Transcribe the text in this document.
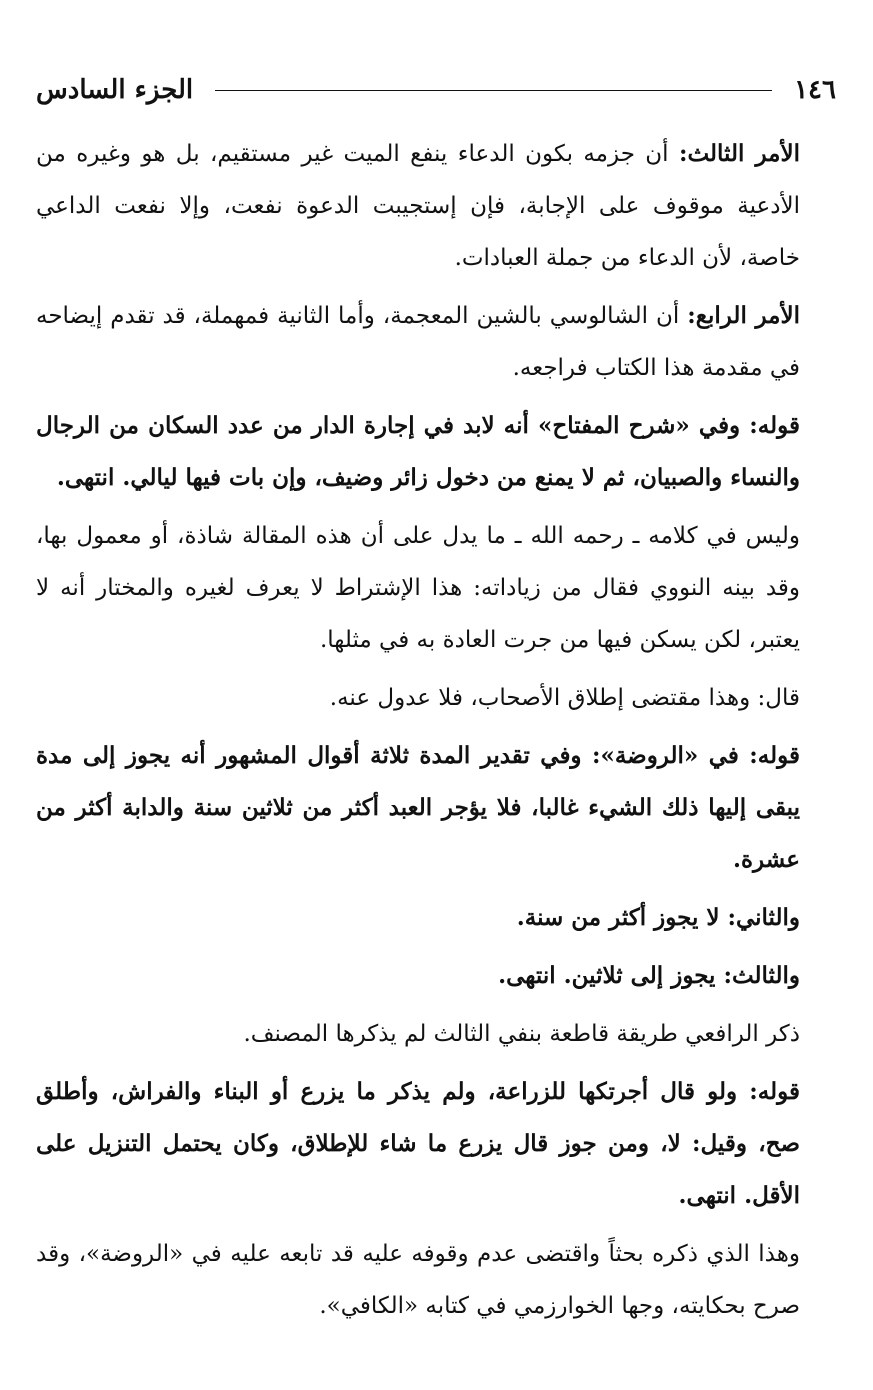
١٤٦
الجزء السادس

الأمر الثالث: أن جزمه بكون الدعاء ينفع الميت غير مستقيم، بل هو وغيره من الأدعية موقوف على الإجابة، فإن إستجيبت الدعوة نفعت، وإلا نفعت الداعي خاصة، لأن الدعاء من جملة العبادات.

الأمر الرابع: أن الشالوسي بالشين المعجمة، وأما الثانية فمهملة، قد تقدم إيضاحه في مقدمة هذا الكتاب فراجعه.

قوله: وفي «شرح المفتاح» أنه لابد في إجارة الدار من عدد السكان من الرجال والنساء والصبيان، ثم لا يمنع من دخول زائر وضيف، وإن بات فيها ليالي. انتهى.

وليس في كلامه ـ رحمه الله ـ ما يدل على أن هذه المقالة شاذة، أو معمول بها، وقد بينه النووي فقال من زياداته: هذا الإشتراط لا يعرف لغيره والمختار أنه لا يعتبر، لكن يسكن فيها من جرت العادة به في مثلها.

قال: وهذا مقتضى إطلاق الأصحاب، فلا عدول عنه.

قوله: في «الروضة»: وفي تقدير المدة ثلاثة أقوال المشهور أنه يجوز إلى مدة يبقى إليها ذلك الشيء غالبا، فلا يؤجر العبد أكثر من ثلاثين سنة والدابة أكثر من عشرة.

والثاني: لا يجوز أكثر من سنة.

والثالث: يجوز إلى ثلاثين. انتهى.

ذكر الرافعي طريقة قاطعة بنفي الثالث لم يذكرها المصنف.

قوله: ولو قال أجرتكها للزراعة، ولم يذكر ما يزرع أو البناء والفراش، وأطلق صح، وقيل: لا، ومن جوز قال يزرع ما شاء للإطلاق، وكان يحتمل التنزيل على الأقل. انتهى.

وهذا الذي ذكره بحثاً واقتضى عدم وقوفه عليه قد تابعه عليه في «الروضة»، وقد صرح بحكايته، وجها الخوارزمي في كتابه «الكافي».
